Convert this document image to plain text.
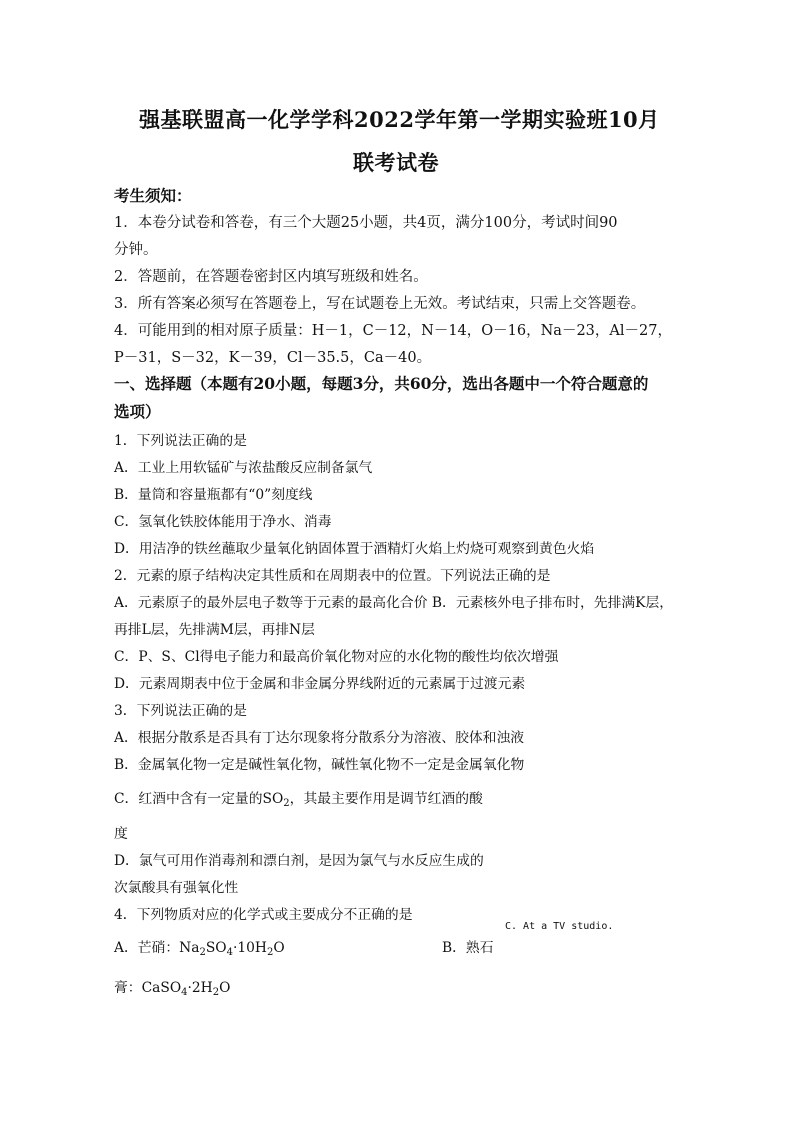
强基联盟高一化学学科2022学年第一学期实验班10月
联考试卷
考生须知：
1．本卷分试卷和答卷，有三个大题25小题，共4页，满分100分，考试时间90
分钟。
2．答题前，在答题卷密封区内填写班级和姓名。
3．所有答案必须写在答题卷上，写在试题卷上无效。考试结束，只需上交答题卷。
4．可能用到的相对原子质量：H－1，C－12，N－14，O－16，Na－23，Al－27，
P－31，S－32，K－39，Cl－35.5，Ca－40。
一、选择题（本题有20小题，每题3分，共60分，选出各题中一个符合题意的
选项）
1．下列说法正确的是
A．工业上用软锰矿与浓盐酸反应制备氯气
B．量筒和容量瓶都有“0”刻度线
C．氢氧化铁胶体能用于净水、消毒
D．用洁净的铁丝蘸取少量氧化钠固体置于酒精灯火焰上灼烧可观察到黄色火焰
2．元素的原子结构决定其性质和在周期表中的位置。下列说法正确的是
A．元素原子的最外层电子数等于元素的最高化合价 B．元素核外电子排布时，先排满K层，
再排L层，先排满M层，再排N层
C．P、S、Cl得电子能力和最高价氧化物对应的水化物的酸性均依次增强
D．元素周期表中位于金属和非金属分界线附近的元素属于过渡元素
3．下列说法正确的是
A．根据分散系是否具有丁达尔现象将分散系分为溶液、胶体和浊液
B．金属氧化物一定是碱性氧化物，碱性氧化物不一定是金属氧化物
C．红酒中含有一定量的$SO_2$，其最主要作用是调节红酒的酸
度
D．氯气可用作消毒剂和漂白剂，是因为氯气与水反应生成的
次氯酸具有强氧化性
4．下列物质对应的化学式或主要成分不正确的是
C. At a TV studio.
A．芒硝：$Na_2SO_4\cdot 10H_2O$	B．熟石
膏：$CaSO_4\cdot 2H_2O$
